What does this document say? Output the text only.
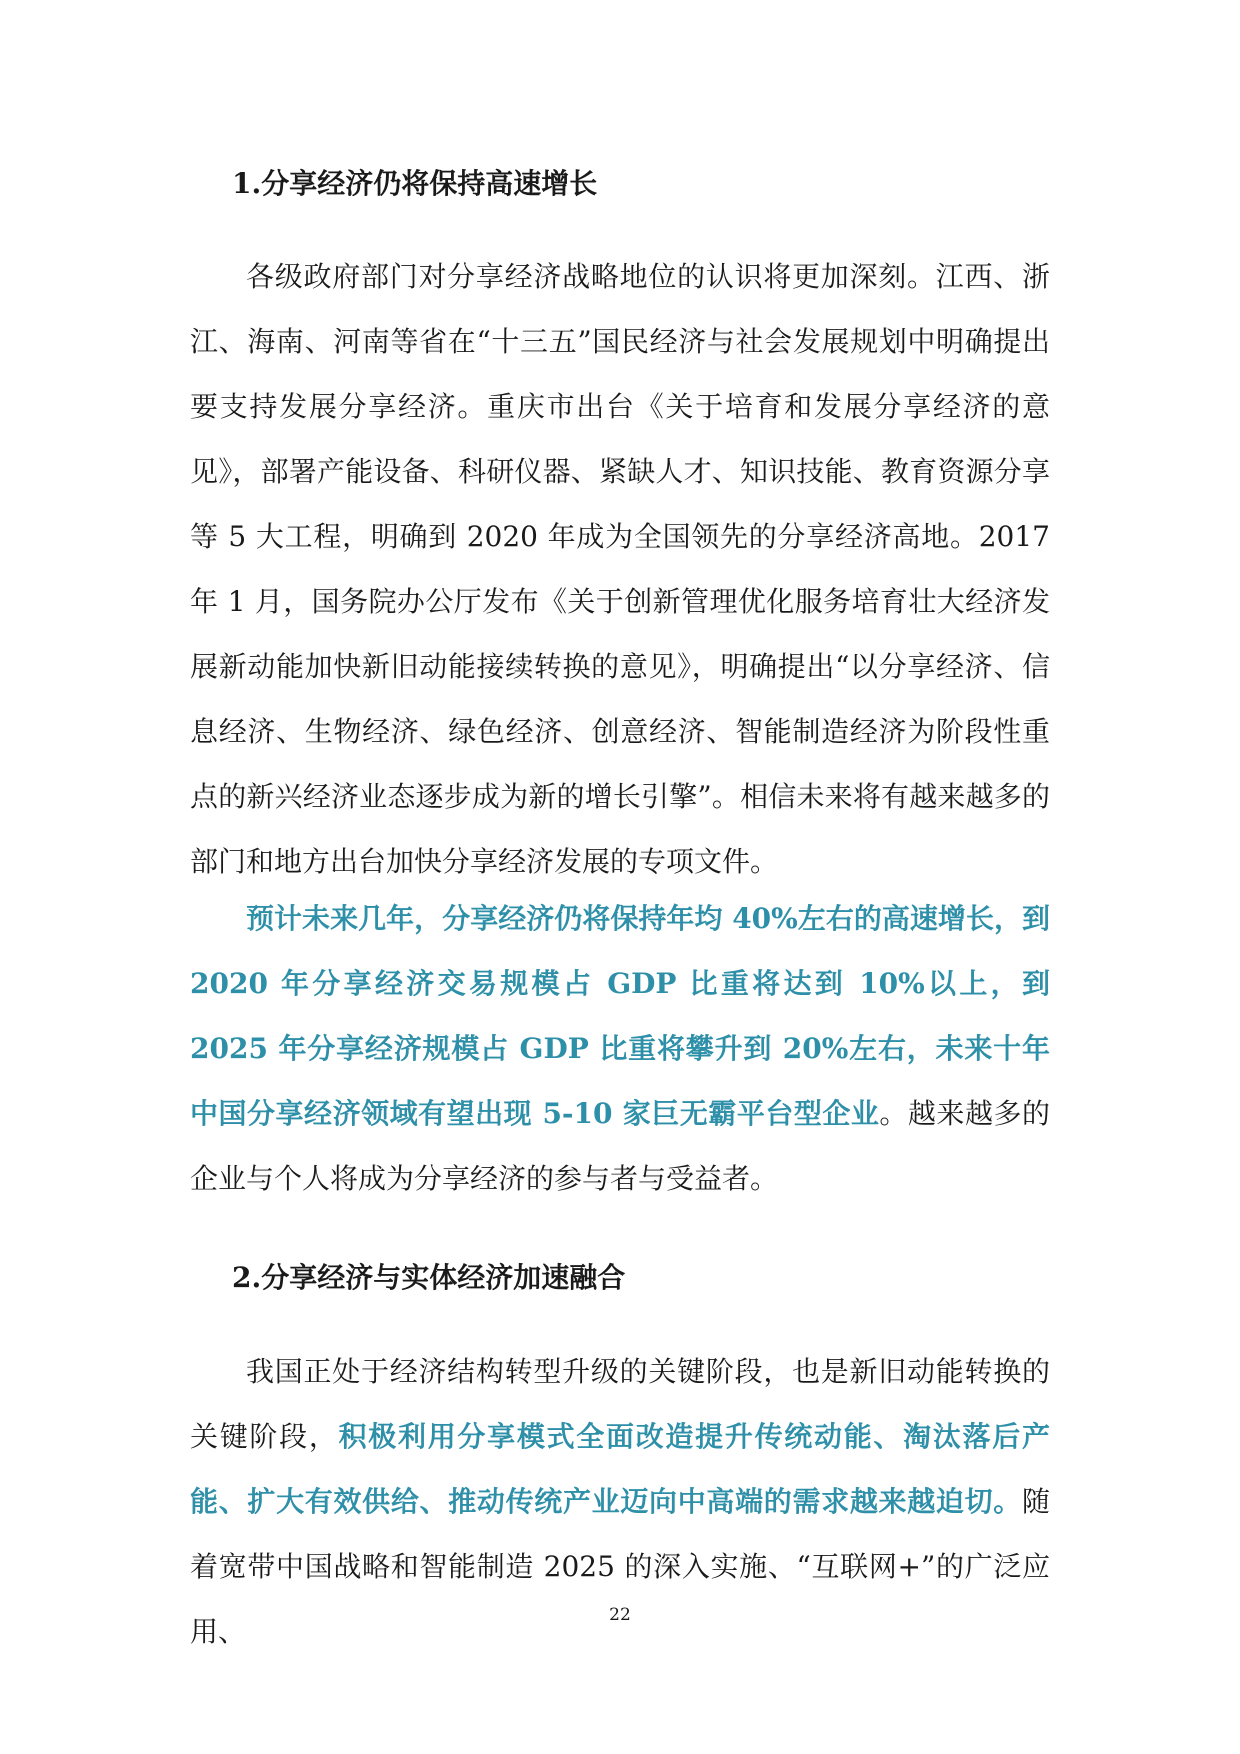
1.分享经济仍将保持高速增长

各级政府部门对分享经济战略地位的认识将更加深刻。江西、浙江、海南、河南等省在“十三五”国民经济与社会发展规划中明确提出要支持发展分享经济。重庆市出台《关于培育和发展分享经济的意见》，部署产能设备、科研仪器、紧缺人才、知识技能、教育资源分享等 5 大工程，明确到 2020 年成为全国领先的分享经济高地。2017 年 1 月，国务院办公厅发布《关于创新管理优化服务培育壮大经济发展新动能加快新旧动能接续转换的意见》，明确提出“以分享经济、信息经济、生物经济、绿色经济、创意经济、智能制造经济为阶段性重点的新兴经济业态逐步成为新的增长引擎”。相信未来将有越来越多的部门和地方出台加快分享经济发展的专项文件。

预计未来几年，分享经济仍将保持年均 40%左右的高速增长，到 2020 年分享经济交易规模占 GDP 比重将达到 10%以上，到 2025 年分享经济规模占 GDP 比重将攀升到 20%左右，未来十年中国分享经济领域有望出现 5-10 家巨无霸平台型企业。越来越多的企业与个人将成为分享经济的参与者与受益者。

2.分享经济与实体经济加速融合

我国正处于经济结构转型升级的关键阶段，也是新旧动能转换的关键阶段，积极利用分享模式全面改造提升传统动能、淘汰落后产能、扩大有效供给、推动传统产业迈向中高端的需求越来越迫切。随着宽带中国战略和智能制造 2025 的深入实施、“互联网+”的广泛应用、	22
